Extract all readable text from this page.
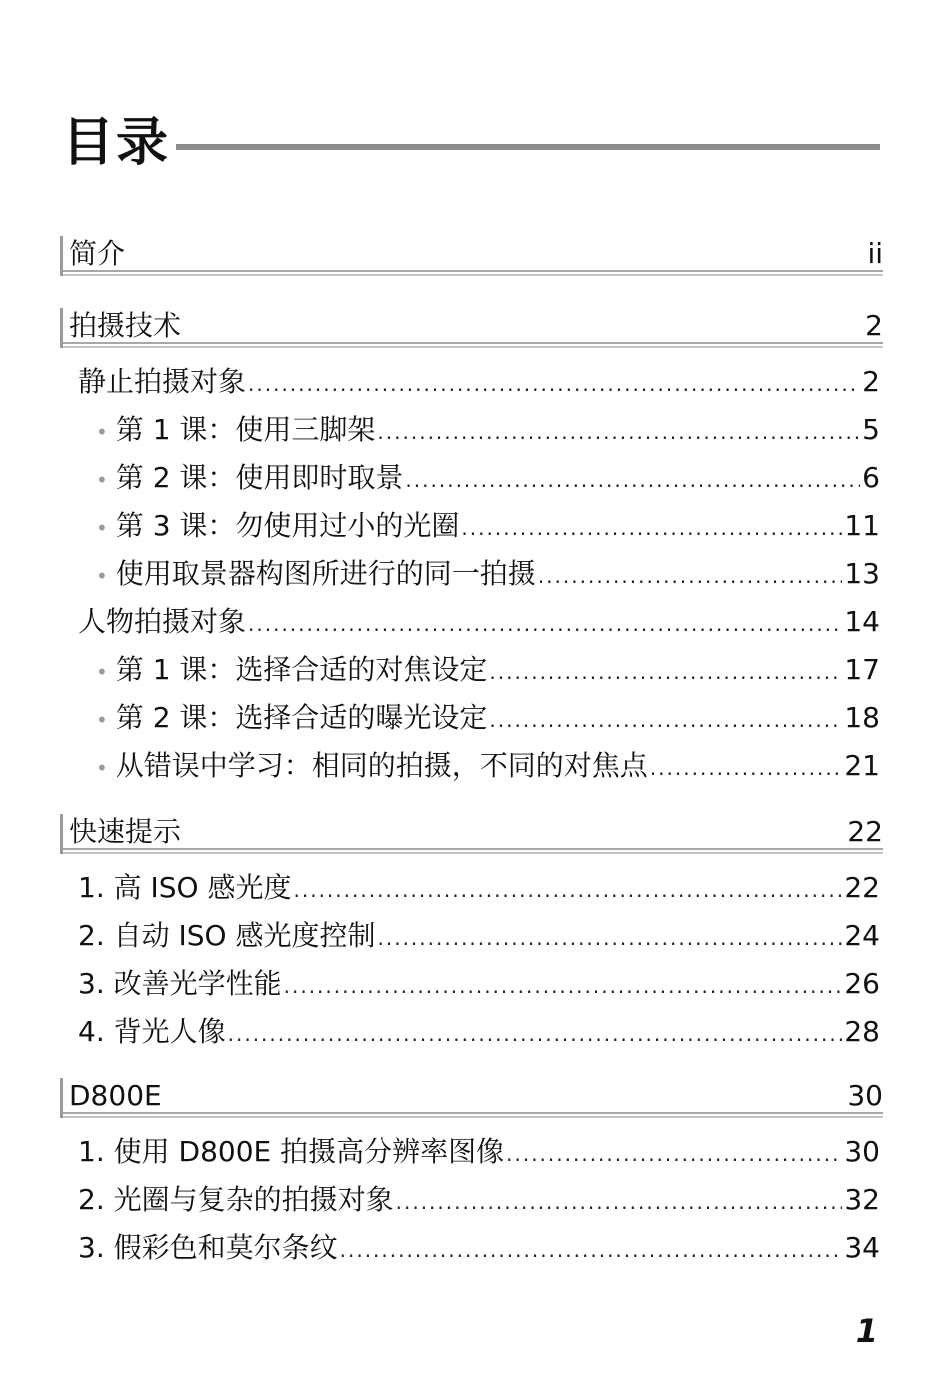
目录
简介	ii
拍摄技术	2
静止拍摄对象 .....	2
• 第 1 课：使用三脚架 .....	5
• 第 2 课：使用即时取景 .....	6
• 第 3 课：勿使用过小的光圈 .....	11
• 使用取景器构图所进行的同一拍摄 .....	13
人物拍摄对象 .....	14
• 第 1 课：选择合适的对焦设定 .....	17
• 第 2 课：选择合适的曝光设定 .....	18
• 从错误中学习：相同的拍摄，不同的对焦点 .....	21
快速提示	22
1. 高 ISO 感光度 .....	22
2. 自动 ISO 感光度控制 .....	24
3. 改善光学性能 .....	26
4. 背光人像 .....	28
D800E	30
1. 使用 D800E 拍摄高分辨率图像 .....	30
2. 光圈与复杂的拍摄对象 .....	32
3. 假彩色和莫尔条纹 .....	34
1
